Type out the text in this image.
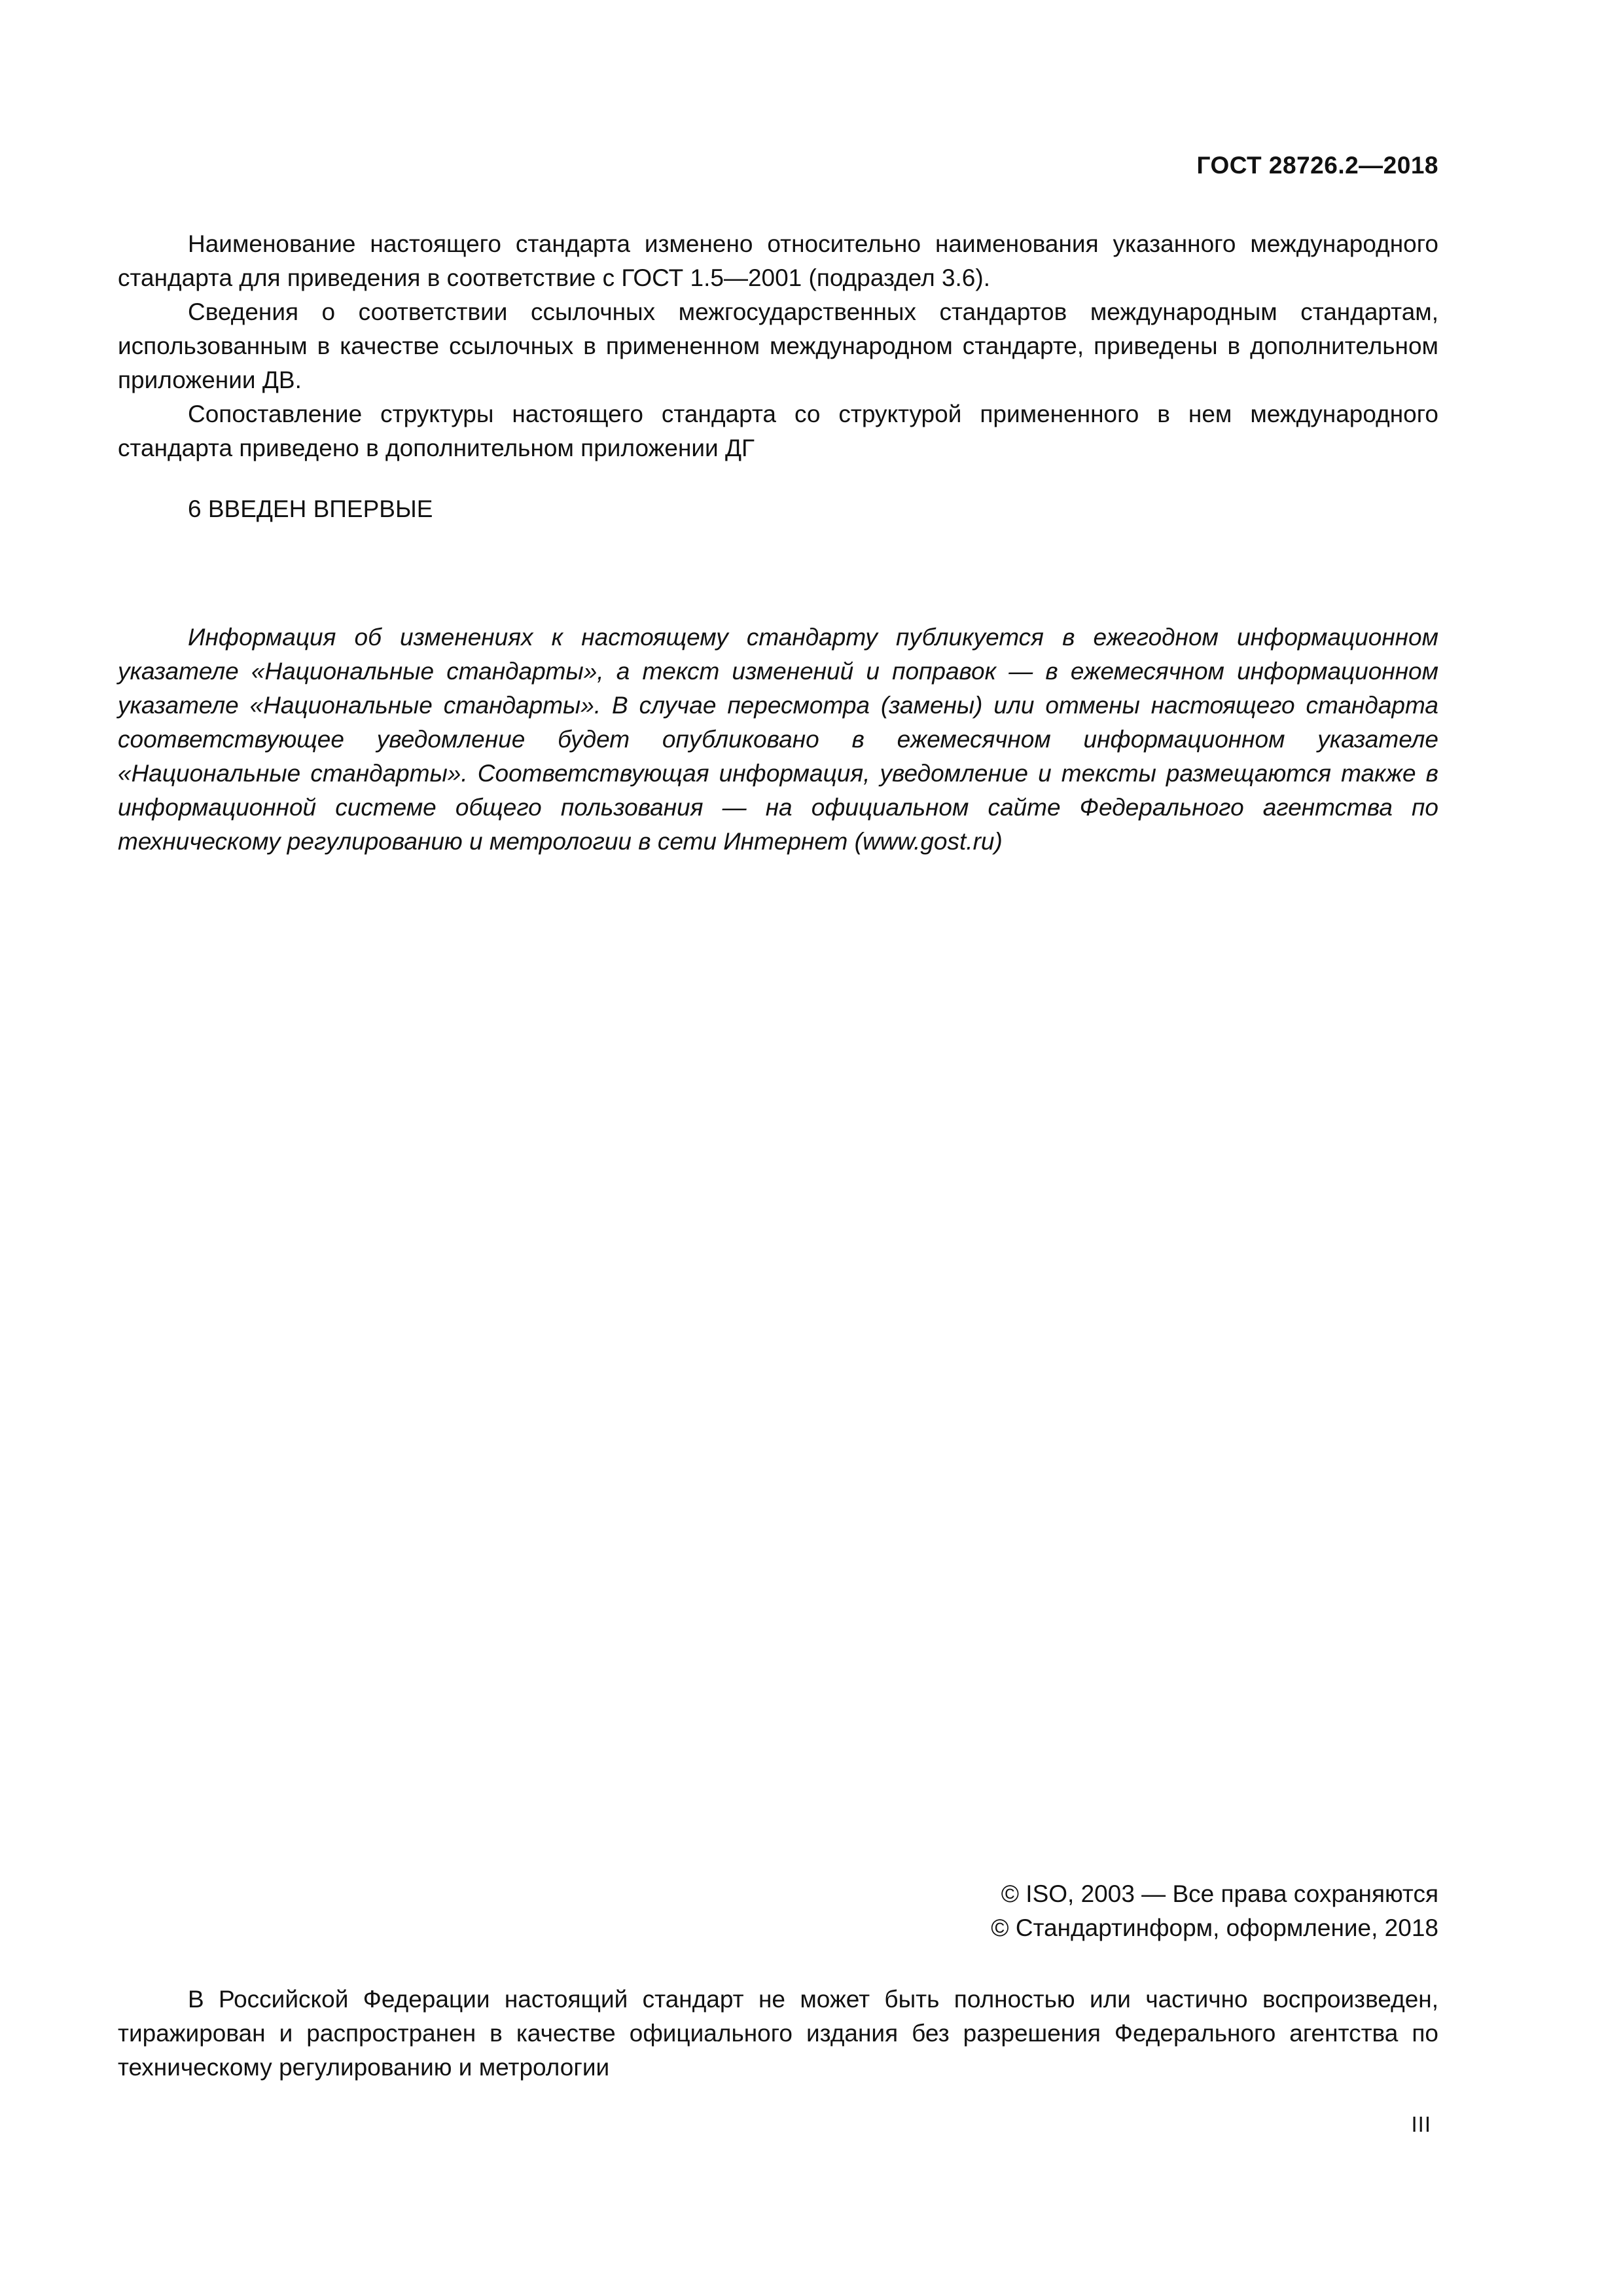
ГОСТ 28726.2—2018

Наименование настоящего стандарта изменено относительно наименования указанного международного стандарта для приведения в соответствие с ГОСТ 1.5—2001 (подраздел 3.6).

Сведения о соответствии ссылочных межгосударственных стандартов международным стандартам, использованным в качестве ссылочных в примененном международном стандарте, приведены в дополнительном приложении ДВ.

Сопоставление структуры настоящего стандарта со структурой примененного в нем международного стандарта приведено в дополнительном приложении ДГ

6 ВВЕДЕН ВПЕРВЫЕ

Информация об изменениях к настоящему стандарту публикуется в ежегодном информационном указателе «Национальные стандарты», а текст изменений и поправок — в ежемесячном информационном указателе «Национальные стандарты». В случае пересмотра (замены) или отмены настоящего стандарта соответствующее уведомление будет опубликовано в ежемесячном информационном указателе «Национальные стандарты». Соответствующая информация, уведомление и тексты размещаются также в информационной системе общего пользования — на официальном сайте Федерального агентства по техническому регулированию и метрологии в сети Интернет (www.gost.ru)

© ISO, 2003 — Все права сохраняются
© Стандартинформ, оформление, 2018

В Российской Федерации настоящий стандарт не может быть полностью или частично воспроизведен, тиражирован и распространен в качестве официального издания без разрешения Федерального агентства по техническому регулированию и метрологии

III
